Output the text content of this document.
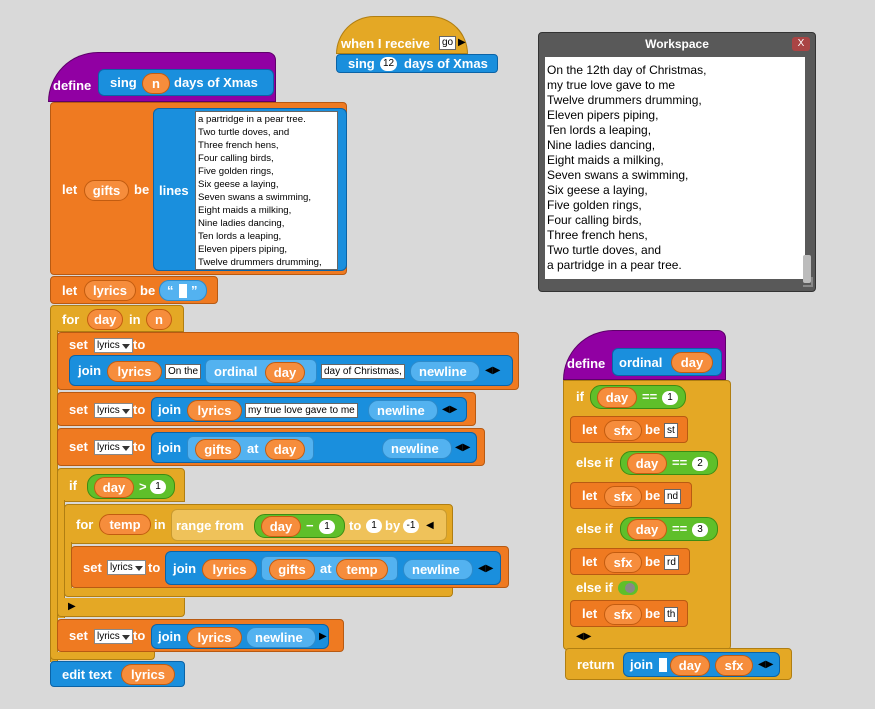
when I receive	go ▶
sing 12 days of Xmas
define sing	n	days of Xmas
let	gifts	be lines
a partridge in a pear tree.
Two turtle doves, and
Three french hens,
Four calling birds,
Five golden rings,
Six geese a laying,
Seven swans a swimming,
Eight maids a milking,
Nine ladies dancing,
Ten lords a leaping,
Eleven pipers piping,
Twelve drummers drumming,
let	lyrics	be “ ”
for	day in	n
set lyrics	to
join	lyrics	On the ordinal	day	day of Christmas, newline ◀▶
set lyrics	to join	lyrics	my true love gave to me newline ◀▶
set lyrics	to join	gifts	at	day	newline ◀▶
if	day	> 1
for	temp	in range from	day	−	1	to 1 by -1	◀
set lyrics	to join	lyrics	gifts	at	temp	newline ◀▶
▶
set lyrics	to join	lyrics	newline ▶
edit text	lyrics
Workspace	X
On the 12th day of Christmas,
my true love gave to me
Twelve drummers drumming,
Eleven pipers piping,
Ten lords a leaping,
Nine ladies dancing,
Eight maids a milking,
Seven swans a swimming,
Six geese a laying,
Five golden rings,
Four calling birds,
Three french hens,
Two turtle doves, and
a partridge in a pear tree.
define ordinal	day
if	day	==	1
let	sfx be st
else if	day	==	2
let	sfx be nd
else if	day	==	3
let	sfx be rd
else if
let	sfx be th
◀▶
return join	day	sfx	◀▶
